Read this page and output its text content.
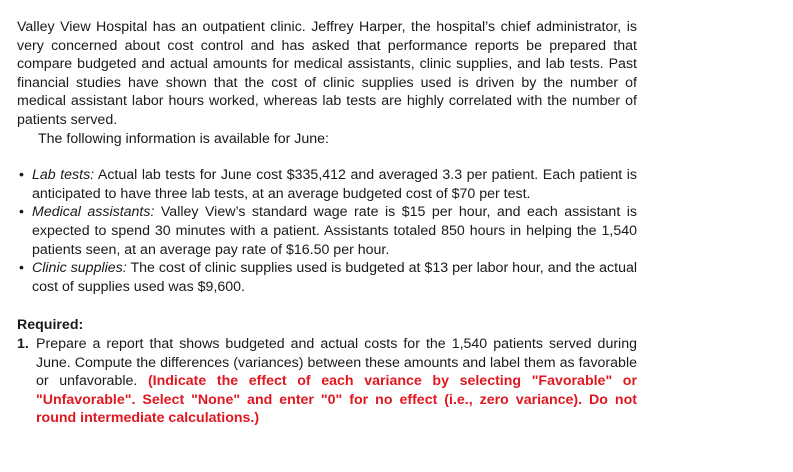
Valley View Hospital has an outpatient clinic. Jeffrey Harper, the hospital’s chief administrator, is very concerned about cost control and has asked that performance reports be prepared that compare budgeted and actual amounts for medical assistants, clinic supplies, and lab tests. Past financial studies have shown that the cost of clinic supplies used is driven by the number of medical assistant labor hours worked, whereas lab tests are highly correlated with the number of patients served.

The following information is available for June:

• Lab tests: Actual lab tests for June cost $335,412 and averaged 3.3 per patient. Each patient is anticipated to have three lab tests, at an average budgeted cost of $70 per test.
• Medical assistants: Valley View’s standard wage rate is $15 per hour, and each assistant is expected to spend 30 minutes with a patient. Assistants totaled 850 hours in helping the 1,540 patients seen, at an average pay rate of $16.50 per hour.
• Clinic supplies: The cost of clinic supplies used is budgeted at $13 per labor hour, and the actual cost of supplies used was $9,600.

Required:

1. Prepare a report that shows budgeted and actual costs for the 1,540 patients served during June. Compute the differences (variances) between these amounts and label them as favorable or unfavorable. (Indicate the effect of each variance by selecting "Favorable" or "Unfavorable". Select "None" and enter "0" for no effect (i.e., zero variance). Do not round intermediate calculations.)
